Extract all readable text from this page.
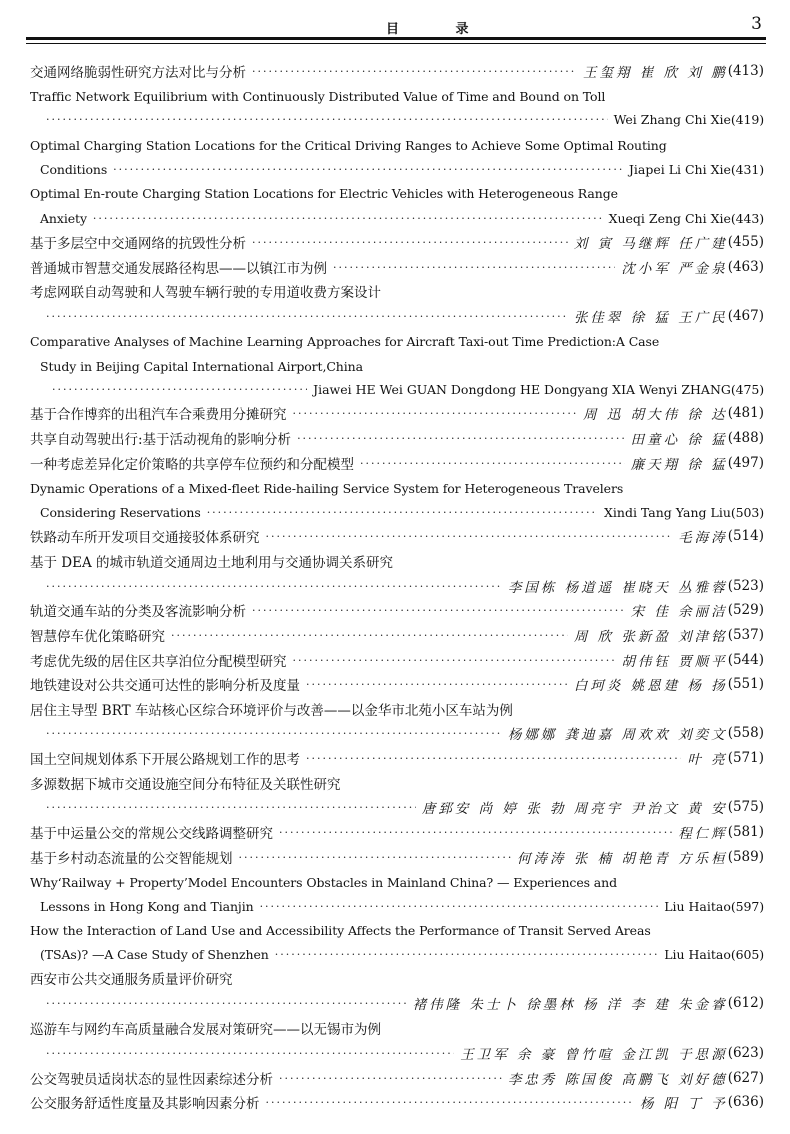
目 录	3
交通网络脆弱性研究方法对比与分析 ·····	王玺翔 崔 欣 刘 鹏 (413)
Traffic Network Equilibrium with Continuously Distributed Value of Time and Bound on Toll
·····
Wei Zhang Chi Xie (419)
Optimal Charging Station Locations for the Critical Driving Ranges to Achieve Some Optimal Routing
Conditions ·····	Jiapei Li Chi Xie (431)
Optimal En-route Charging Station Locations for Electric Vehicles with Heterogeneous Range
Anxiety ·····	Xueqi Zeng Chi Xie (443)
基于多层空中交通网络的抗毁性分析 ·····	刘 寅 马继辉 任广建 (455)
普通城市智慧交通发展路径构思——以镇江市为例 ·····	沈小军 严金泉 (463)
考虑网联自动驾驶和人驾驶车辆行驶的专用道收费方案设计
·····
张佳翠 徐 猛 王广民 (467)
Comparative Analyses of Machine Learning Approaches for Aircraft Taxi-out Time Prediction:A Case
Study in Beijing Capital International Airport,China
·····
Jiawei HE Wei GUAN Dongdong HE Dongyang XIA Wenyi ZHANG (475)
基于合作博弈的出租汽车合乘费用分摊研究 ·····	周 迅 胡大伟 徐 达 (481)
共享自动驾驶出行:基于活动视角的影响分析 ·····	田童心 徐 猛 (488)
一种考虑差异化定价策略的共享停车位预约和分配模型 ·····	廉天翔 徐 猛 (497)
Dynamic Operations of a Mixed-fleet Ride-hailing Service System for Heterogeneous Travelers
Considering Reservations ·····	Xindi Tang Yang Liu (503)
铁路动车所开发项目交通接驳体系研究 ·····	毛海涛 (514)
基于 DEA 的城市轨道交通周边土地利用与交通协调关系研究
·····
李国栋 杨道遥 崔晓天 丛雅蓉 (523)
轨道交通车站的分类及客流影响分析 ·····	宋 佳 余丽洁 (529)
智慧停车优化策略研究 ·····	周 欣 张新盈 刘津铭 (537)
考虑优先级的居住区共享泊位分配模型研究 ·····	胡伟钰 贾顺平 (544)
地铁建设对公共交通可达性的影响分析及度量 ·····	白珂炎 姚恩建 杨 扬 (551)
居住主导型 BRT 车站核心区综合环境评价与改善——以金华市北苑小区车站为例
·····
杨娜娜 龚迪嘉 周欢欢 刘奕文 (558)
国土空间规划体系下开展公路规划工作的思考 ·····	叶 亮 (571)
多源数据下城市交通设施空间分布特征及关联性研究
·····
唐郅安 尚 婷 张 勃 周亮宇 尹治文 黄 安 (575)
基于中运量公交的常规公交线路调整研究 ·····	程仁辉 (581)
基于乡村动态流量的公交智能规划 ·····	何涛涛 张 楠 胡艳青 方乐桓 (589)
Why‘Railway + Property’Model Encounters Obstacles in Mainland China? — Experiences and
Lessons in Hong Kong and Tianjin ·····	Liu Haitao (597)
How the Interaction of Land Use and Accessibility Affects the Performance of Transit Served Areas
(TSAs)? —A Case Study of Shenzhen ·····	Liu Haitao (605)
西安市公共交通服务质量评价研究
·····
褚伟隆 朱士卜 徐墨林 杨 洋 李 建 朱金睿 (612)
巡游车与网约车高质量融合发展对策研究——以无锡市为例
·····
王卫军 余 豪 曾竹喧 金江凯 于思源 (623)
公交驾驶员适岗状态的显性因素综述分析 ·····	李忠秀 陈国俊 高鹏飞 刘好德 (627)
公交服务舒适性度量及其影响因素分析 ·····	杨 阳 丁 予 (636)
